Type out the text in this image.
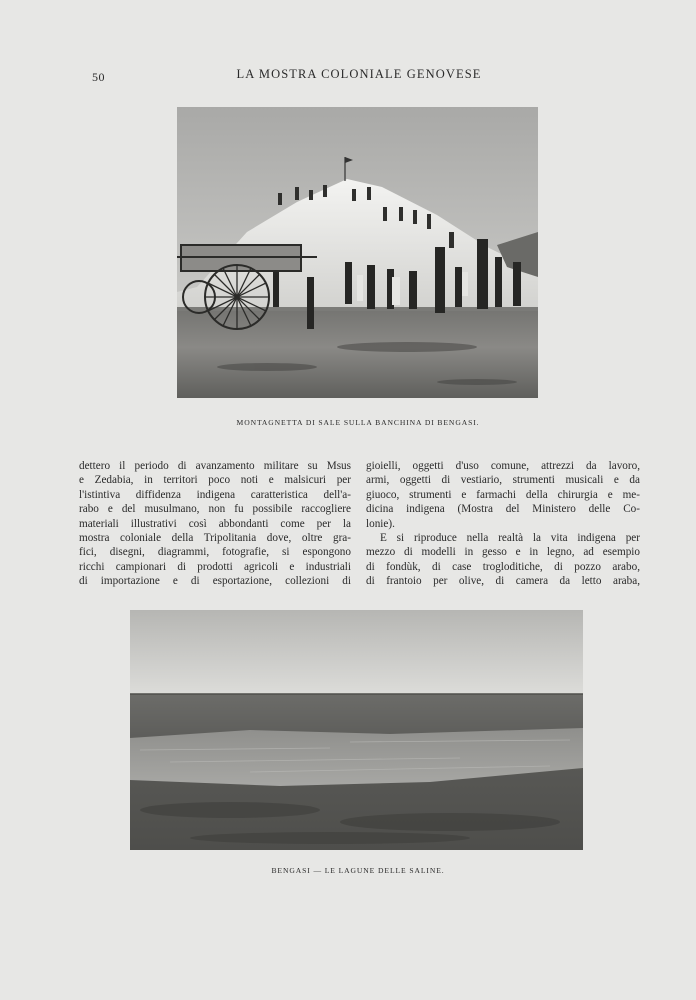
50	LA MOSTRA COLONIALE GENOVESE
MONTAGNETTA DI SALE SULLA BANCHINA DI BENGASI.
dettero il periodo di avanzamento militare su Msus
e Zedabia, in territori poco noti e malsicuri per
l'istintiva diffidenza indigena caratteristica dell'a-
rabo e del musulmano, non fu possibile raccogliere
materiali illustrativi così abbondanti come per la
mostra coloniale della Tripolitania dove, oltre gra-
fici, disegni, diagrammi, fotografie, si espongono
ricchi campionari di prodotti agricoli e industriali
di importazione e di esportazione, collezioni di
gioielli, oggetti d'uso comune, attrezzi da lavoro,
armi, oggetti di vestiario, strumenti musicali e da
giuoco, strumenti e farmachi della chirurgia e me-
dicina indigena (Mostra del Ministero delle Co-
lonie).
E si riproduce nella realtà la vita indigena per
mezzo di modelli in gesso e in legno, ad esempio
di fondùk, di case trogloditiche, di pozzo arabo,
di frantoio per olive, di camera da letto araba,
BENGASI — LE LAGUNE DELLE SALINE.
